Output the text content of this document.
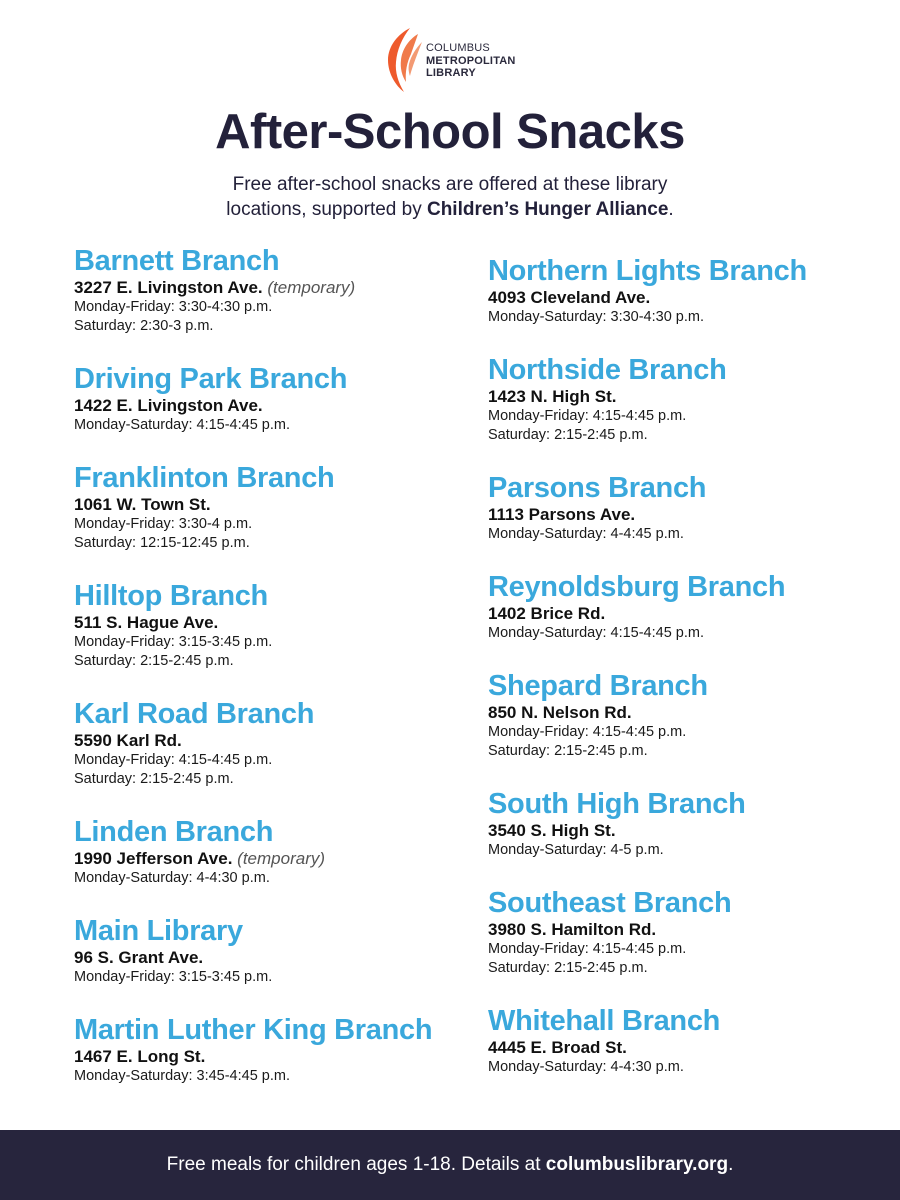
COLUMBUS
METROPOLITAN
LIBRARY
After-School Snacks
Free after-school snacks are offered at these library
locations, supported by Children’s Hunger Alliance.
Barnett Branch
3227 E. Livingston Ave. (temporary)
Monday-Friday: 3:30-4:30 p.m.
Saturday: 2:30-3 p.m.
Driving Park Branch
1422 E. Livingston Ave.
Monday-Saturday: 4:15-4:45 p.m.
Franklinton Branch
1061 W. Town St.
Monday-Friday: 3:30-4 p.m.
Saturday: 12:15-12:45 p.m.
Hilltop Branch
511 S. Hague Ave.
Monday-Friday: 3:15-3:45 p.m.
Saturday: 2:15-2:45 p.m.
Karl Road Branch
5590 Karl Rd.
Monday-Friday: 4:15-4:45 p.m.
Saturday: 2:15-2:45 p.m.
Linden Branch
1990 Jefferson Ave. (temporary)
Monday-Saturday: 4-4:30 p.m.
Main Library
96 S. Grant Ave.
Monday-Friday: 3:15-3:45 p.m.
Martin Luther King Branch
1467 E. Long St.
Monday-Saturday: 3:45-4:45 p.m.
Northern Lights Branch
4093 Cleveland Ave.
Monday-Saturday: 3:30-4:30 p.m.
Northside Branch
1423 N. High St.
Monday-Friday: 4:15-4:45 p.m.
Saturday: 2:15-2:45 p.m.
Parsons Branch
1113 Parsons Ave.
Monday-Saturday: 4-4:45 p.m.
Reynoldsburg Branch
1402 Brice Rd.
Monday-Saturday: 4:15-4:45 p.m.
Shepard Branch
850 N. Nelson Rd.
Monday-Friday: 4:15-4:45 p.m.
Saturday: 2:15-2:45 p.m.
South High Branch
3540 S. High St.
Monday-Saturday: 4-5 p.m.
Southeast Branch
3980 S. Hamilton Rd.
Monday-Friday: 4:15-4:45 p.m.
Saturday: 2:15-2:45 p.m.
Whitehall Branch
4445 E. Broad St.
Monday-Saturday: 4-4:30 p.m.
Free meals for children ages 1-18. Details at columbuslibrary.org.
